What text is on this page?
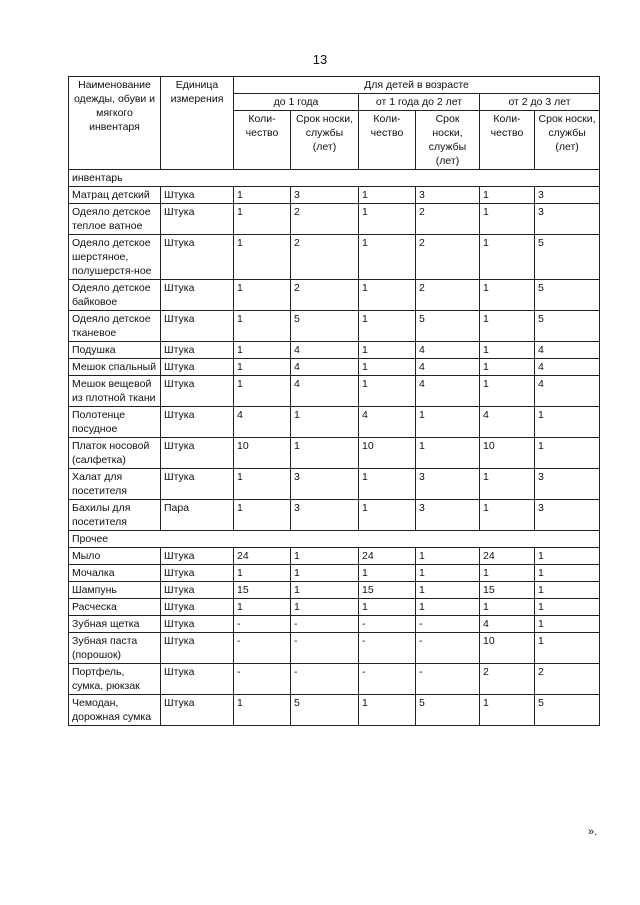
13
Наименование одежды, обуви и мягкого инвентаря	Единица измерения	Для детей в возрасте					
		до 1 года		от 1 года до 2 лет		от 2 до 3 лет	
		Коли-чество	Срок носки, службы (лет)	Коли-чество	Срок носки, службы (лет)	Коли-чество	Срок носки, службы (лет)
инвентарь							
Матрац детский	Штука	1	3	1	3	1	3
Одеяло детское теплое ватное	Штука	1	2	1	2	1	3
Одеяло детское шерстяное, полушерстя-ное	Штука	1	2	1	2	1	5
Одеяло детское байковое	Штука	1	2	1	2	1	5
Одеяло детское тканевое	Штука	1	5	1	5	1	5
Подушка	Штука	1	4	1	4	1	4
Мешок спальный	Штука	1	4	1	4	1	4
Мешок вещевой из плотной ткани	Штука	1	4	1	4	1	4
Полотенце посудное	Штука	4	1	4	1	4	1
Платок носовой (салфетка)	Штука	10	1	10	1	10	1
Халат для посетителя	Штука	1	3	1	3	1	3
Бахилы для посетителя	Пара	1	3	1	3	1	3
Прочее							
Мыло	Штука	24	1	24	1	24	1
Мочалка	Штука	1	1	1	1	1	1
Шампунь	Штука	15	1	15	1	15	1
Расческа	Штука	1	1	1	1	1	1
Зубная щетка	Штука	-	-	-	-	4	1
Зубная паста (порошок)	Штука	-	-	-	-	10	1
Портфель, сумка, рюкзак	Штука	-	-	-	-	2	2
Чемодан, дорожная сумка	Штука	1	5	1	5	1	5
».
